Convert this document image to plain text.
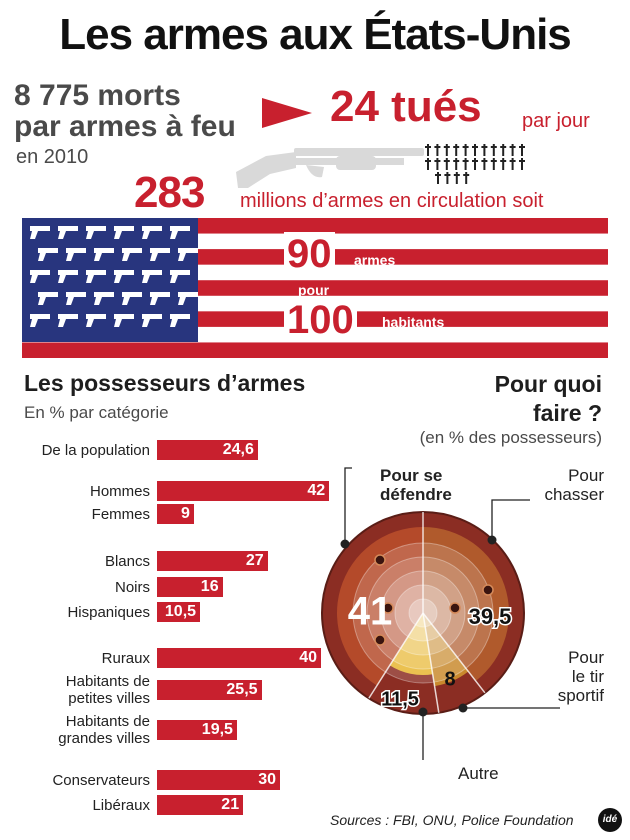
Les armes aux États-Unis
8 775 morts
par armes à feu
en 2010
24 tués par jour
283 millions d’armes en circulation soit
90 armes
pour
100 habitants
Les possesseurs d’armes
En % par catégorie
De la population	24,6
Hommes	42
Femmes	9
Blancs	27
Noirs	16
Hispaniques 10,5
Ruraux	40
Habitants de
petites villes
25,5
Habitants de
grandes villes
19,5
Conservateurs	30
Libéraux	21
Pour quoi
faire ?
(en % des possesseurs)
41	39,5
8
11,5
Pour se
défendre
Pour
chasser
Pour
le tir
sportif
Autre
Sources : FBI, ONU, Police Foundation	idé
